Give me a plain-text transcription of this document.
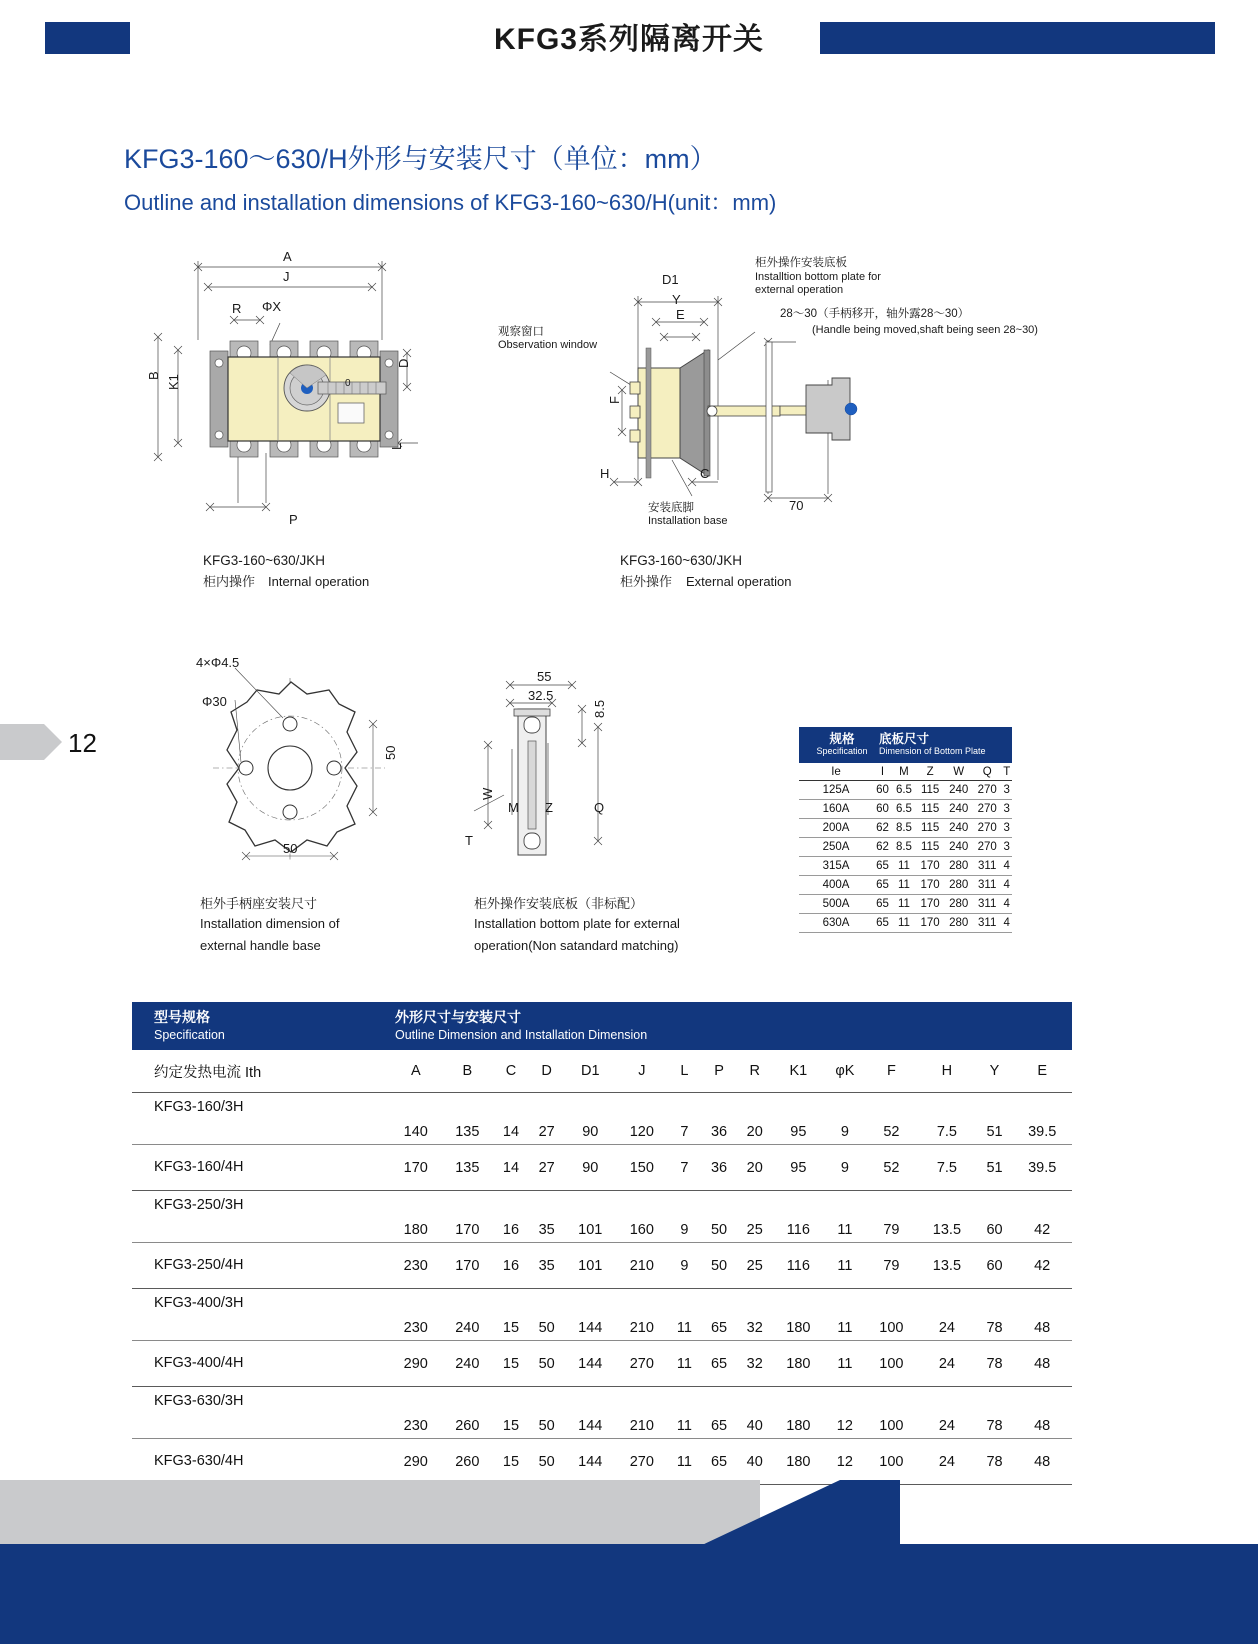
KFG3系列隔离开关
KFG3-160～630/H外形与安装尺寸（单位：mm）
Outline and installation dimensions of KFG3-160~630/H(unit：mm)
12
A
J
R ΦX
B K1
D
L
P
0
KFG3-160~630/JKH
柜内操作 Internal operation
D1
Y
E
F
H	C
70
柜外操作安装底板
Installtion bottom plate for
external operation
28～30（手柄移开，轴外露28～30）
(Handle being moved,shaft being seen 28~30)
观察窗口
Observation window
安装底脚
Installation base
KFG3-160~630/JKH
柜外操作 External operation
4×Φ4.5
Φ30
50
50
柜外手柄座安装尺寸
Installation dimension of
external handle base
55
32.5
8.5
W
M Z	Q
T
柜外操作安装底板（非标配）
Installation bottom plate for external
operation(Non satandard matching)
规格
Specification
底板尺寸
Dimension of Bottom Plate
Ie	I	M	Z	W	Q	T
125A	60	6.5	115	240	270	3
160A	60	6.5	115	240	270	3
200A	62	8.5	115	240	270	3
250A	62	8.5	115	240	270	3
315A	65	11	170	280	311	4
400A	65	11	170	280	311	4
500A	65	11	170	280	311	4
630A	65	11	170	280	311	4
型号规格
Specification
外形尺寸与安装尺寸
Outline Dimension and Installation Dimension
约定发热电流 Ith	A	B	C	D	D1	J	L	P	R	K1	φK	F	H	Y	E
KFG3-160/3H	140	135	14	27	90	120	7	36	20	95	9	52	7.5	51	39.5
KFG3-160/4H	170	135	14	27	90	150	7	36	20	95	9	52	7.5	51	39.5
KFG3-250/3H	180	170	16	35	101	160	9	50	25	116	11	79	13.5	60	42
KFG3-250/4H	230	170	16	35	101	210	9	50	25	116	11	79	13.5	60	42
KFG3-400/3H	230	240	15	50	144	210	11	65	32	180	11	100	24	78	48
KFG3-400/4H	290	240	15	50	144	270	11	65	32	180	11	100	24	78	48
KFG3-630/3H	230	260	15	50	144	210	11	65	40	180	12	100	24	78	48
KFG3-630/4H	290	260	15	50	144	270	11	65	40	180	12	100	24	78	48
